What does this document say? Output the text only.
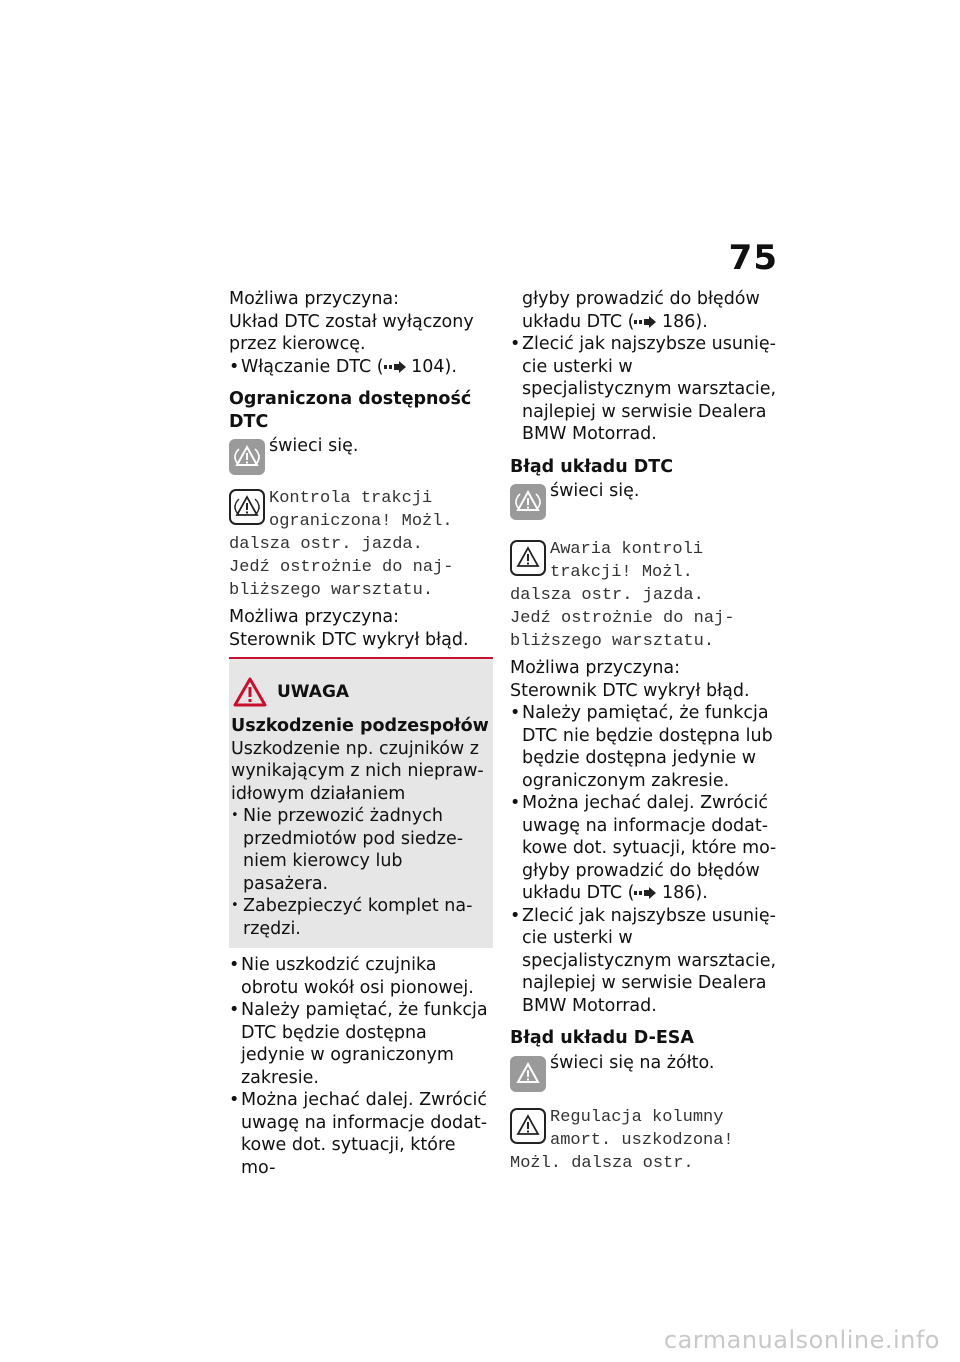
75

Możliwa przyczyna:

Układ DTC został wyłączony przez kierowcę.

• Włączanie DTC ( 104).

Ograniczona dostępność DTC

świeci się.

Kontrola trakcji

ograniczona! Możl.

dalsza ostr. jazda.

Jedź ostrożnie do naj-

bliższego warsztatu.

Możliwa przyczyna:

Sterownik DTC wykrył błąd.

UWAGA

Uszkodzenie podzespołów

Uszkodzenie np. czujników z wynikającym z nich nieprawidłowym działaniem

• Nie przewozić żadnych przedmiotów pod siedzeniem kierowcy lub pasażera.
• Zabezpieczyć komplet narzędzi.
• Nie uszkodzić czujnika obrotu wokół osi pionowej.
• Należy pamiętać, że funkcja DTC będzie dostępna jedynie w ograniczonym zakresie.
• Można jechać dalej. Zwrócić uwagę na informacje dodatkowe dot. sytuacji, które mo-
głyby prowadzić do błędów układu DTC ( 186).
• Zlecić jak najszybsze usunięcie usterki w specjalistycznym warsztacie, najlepiej w serwisie Dealera BMW Motorrad.

Błąd układu DTC

świeci się.

Awaria kontroli

trakcji! Możl.

dalsza ostr. jazda.

Jedź ostrożnie do naj-

bliższego warsztatu.

Możliwa przyczyna:

Sterownik DTC wykrył błąd.

• Należy pamiętać, że funkcja DTC nie będzie dostępna lub będzie dostępna jedynie w ograniczonym zakresie.
• Można jechać dalej. Zwrócić uwagę na informacje dodatkowe dot. sytuacji, które mogłyby prowadzić do błędów układu DTC ( 186).
• Zlecić jak najszybsze usunięcie usterki w specjalistycznym warsztacie, najlepiej w serwisie Dealera BMW Motorrad.

Błąd układu D-ESA

świeci się na żółto.

Regulacja kolumny

amort. uszkodzona!

Możl. dalsza ostr.

carmanualsonline.info
